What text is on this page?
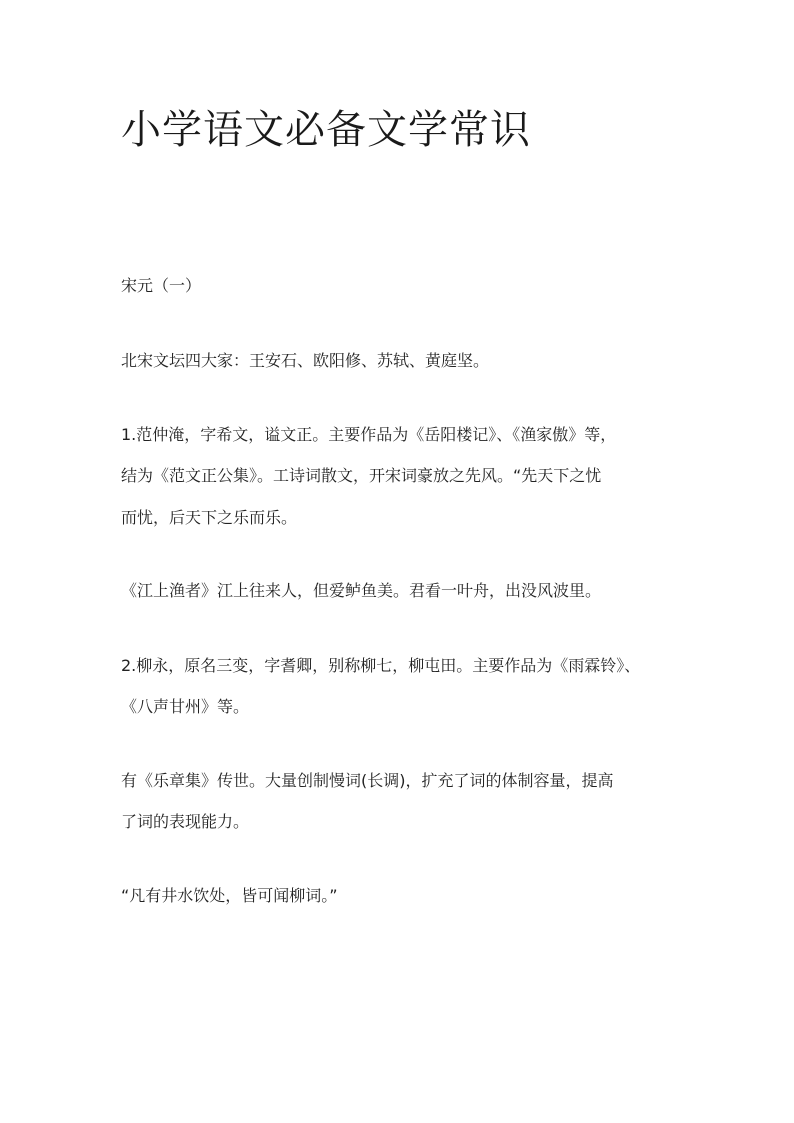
小学语文必备文学常识

宋元（一）

北宋文坛四大家：王安石、欧阳修、苏轼、黄庭坚。

1.范仲淹，字希文，谥文正。主要作品为《岳阳楼记》、《渔家傲》等，

结为《范文正公集》。工诗词散文，开宋词豪放之先风。“先天下之忧

而忧，后天下之乐而乐。

《江上渔者》江上往来人，但爱鲈鱼美。君看一叶舟，出没风波里。

2.柳永，原名三变，字耆卿，别称柳七，柳屯田。主要作品为《雨霖铃》、

《八声甘州》等。

有《乐章集》传世。大量创制慢词(长调)，扩充了词的体制容量，提高

了词的表现能力。

“凡有井水饮处，皆可闻柳词。”
